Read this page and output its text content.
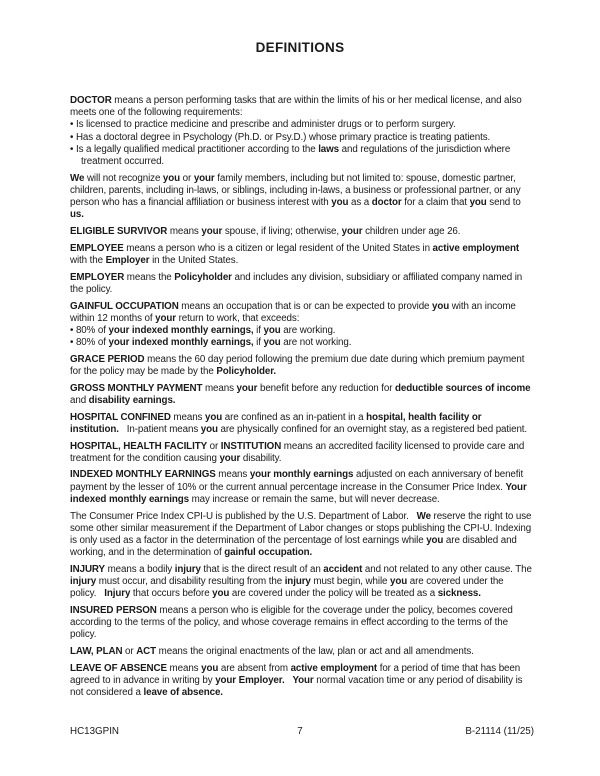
DEFINITIONS

DOCTOR means a person performing tasks that are within the limits of his or her medical license, and also meets one of the following requirements:

• Is licensed to practice medicine and prescribe and administer drugs or to perform surgery.

• Has a doctoral degree in Psychology (Ph.D. or Psy.D.) whose primary practice is treating patients.

• Is a legally qualified medical practitioner according to the laws and regulations of the jurisdiction where treatment occurred.

We will not recognize you or your family members, including but not limited to: spouse, domestic partner, children, parents, including in-laws, or siblings, including in-laws, a business or professional partner, or any person who has a financial affiliation or business interest with you as a doctor for a claim that you send to us.

ELIGIBLE SURVIVOR means your spouse, if living; otherwise, your children under age 26.

EMPLOYEE means a person who is a citizen or legal resident of the United States in active employment with the Employer in the United States.

EMPLOYER means the Policyholder and includes any division, subsidiary or affiliated company named in the policy.

GAINFUL OCCUPATION means an occupation that is or can be expected to provide you with an income within 12 months of your return to work, that exceeds:

• 80% of your indexed monthly earnings, if you are working.

• 80% of your indexed monthly earnings, if you are not working.

GRACE PERIOD means the 60 day period following the premium due date during which premium payment for the policy may be made by the Policyholder.

GROSS MONTHLY PAYMENT means your benefit before any reduction for deductible sources of income and disability earnings.

HOSPITAL CONFINED means you are confined as an in-patient in a hospital, health facility or institution.   In-patient means you are physically confined for an overnight stay, as a registered bed patient.

HOSPITAL, HEALTH FACILITY or INSTITUTION means an accredited facility licensed to provide care and treatment for the condition causing your disability.

INDEXED MONTHLY EARNINGS means your monthly earnings adjusted on each anniversary of benefit payment by the lesser of 10% or the current annual percentage increase in the Consumer Price Index. Your indexed monthly earnings may increase or remain the same, but will never decrease.

The Consumer Price Index CPI-U is published by the U.S. Department of Labor.   We reserve the right to use some other similar measurement if the Department of Labor changes or stops publishing the CPI-U. Indexing is only used as a factor in the determination of the percentage of lost earnings while you are disabled and working, and in the determination of gainful occupation.

INJURY means a bodily injury that is the direct result of an accident and not related to any other cause. The injury must occur, and disability resulting from the injury must begin, while you are covered under the policy.   Injury that occurs before you are covered under the policy will be treated as a sickness.

INSURED PERSON means a person who is eligible for the coverage under the policy, becomes covered according to the terms of the policy, and whose coverage remains in effect according to the terms of the policy.

LAW, PLAN or ACT means the original enactments of the law, plan or act and all amendments.

LEAVE OF ABSENCE means you are absent from active employment for a period of time that has been agreed to in advance in writing by your Employer. Your normal vacation time or any period of disability is not considered a leave of absence.

HC13GPIN	7	B-21114 (11/25)
